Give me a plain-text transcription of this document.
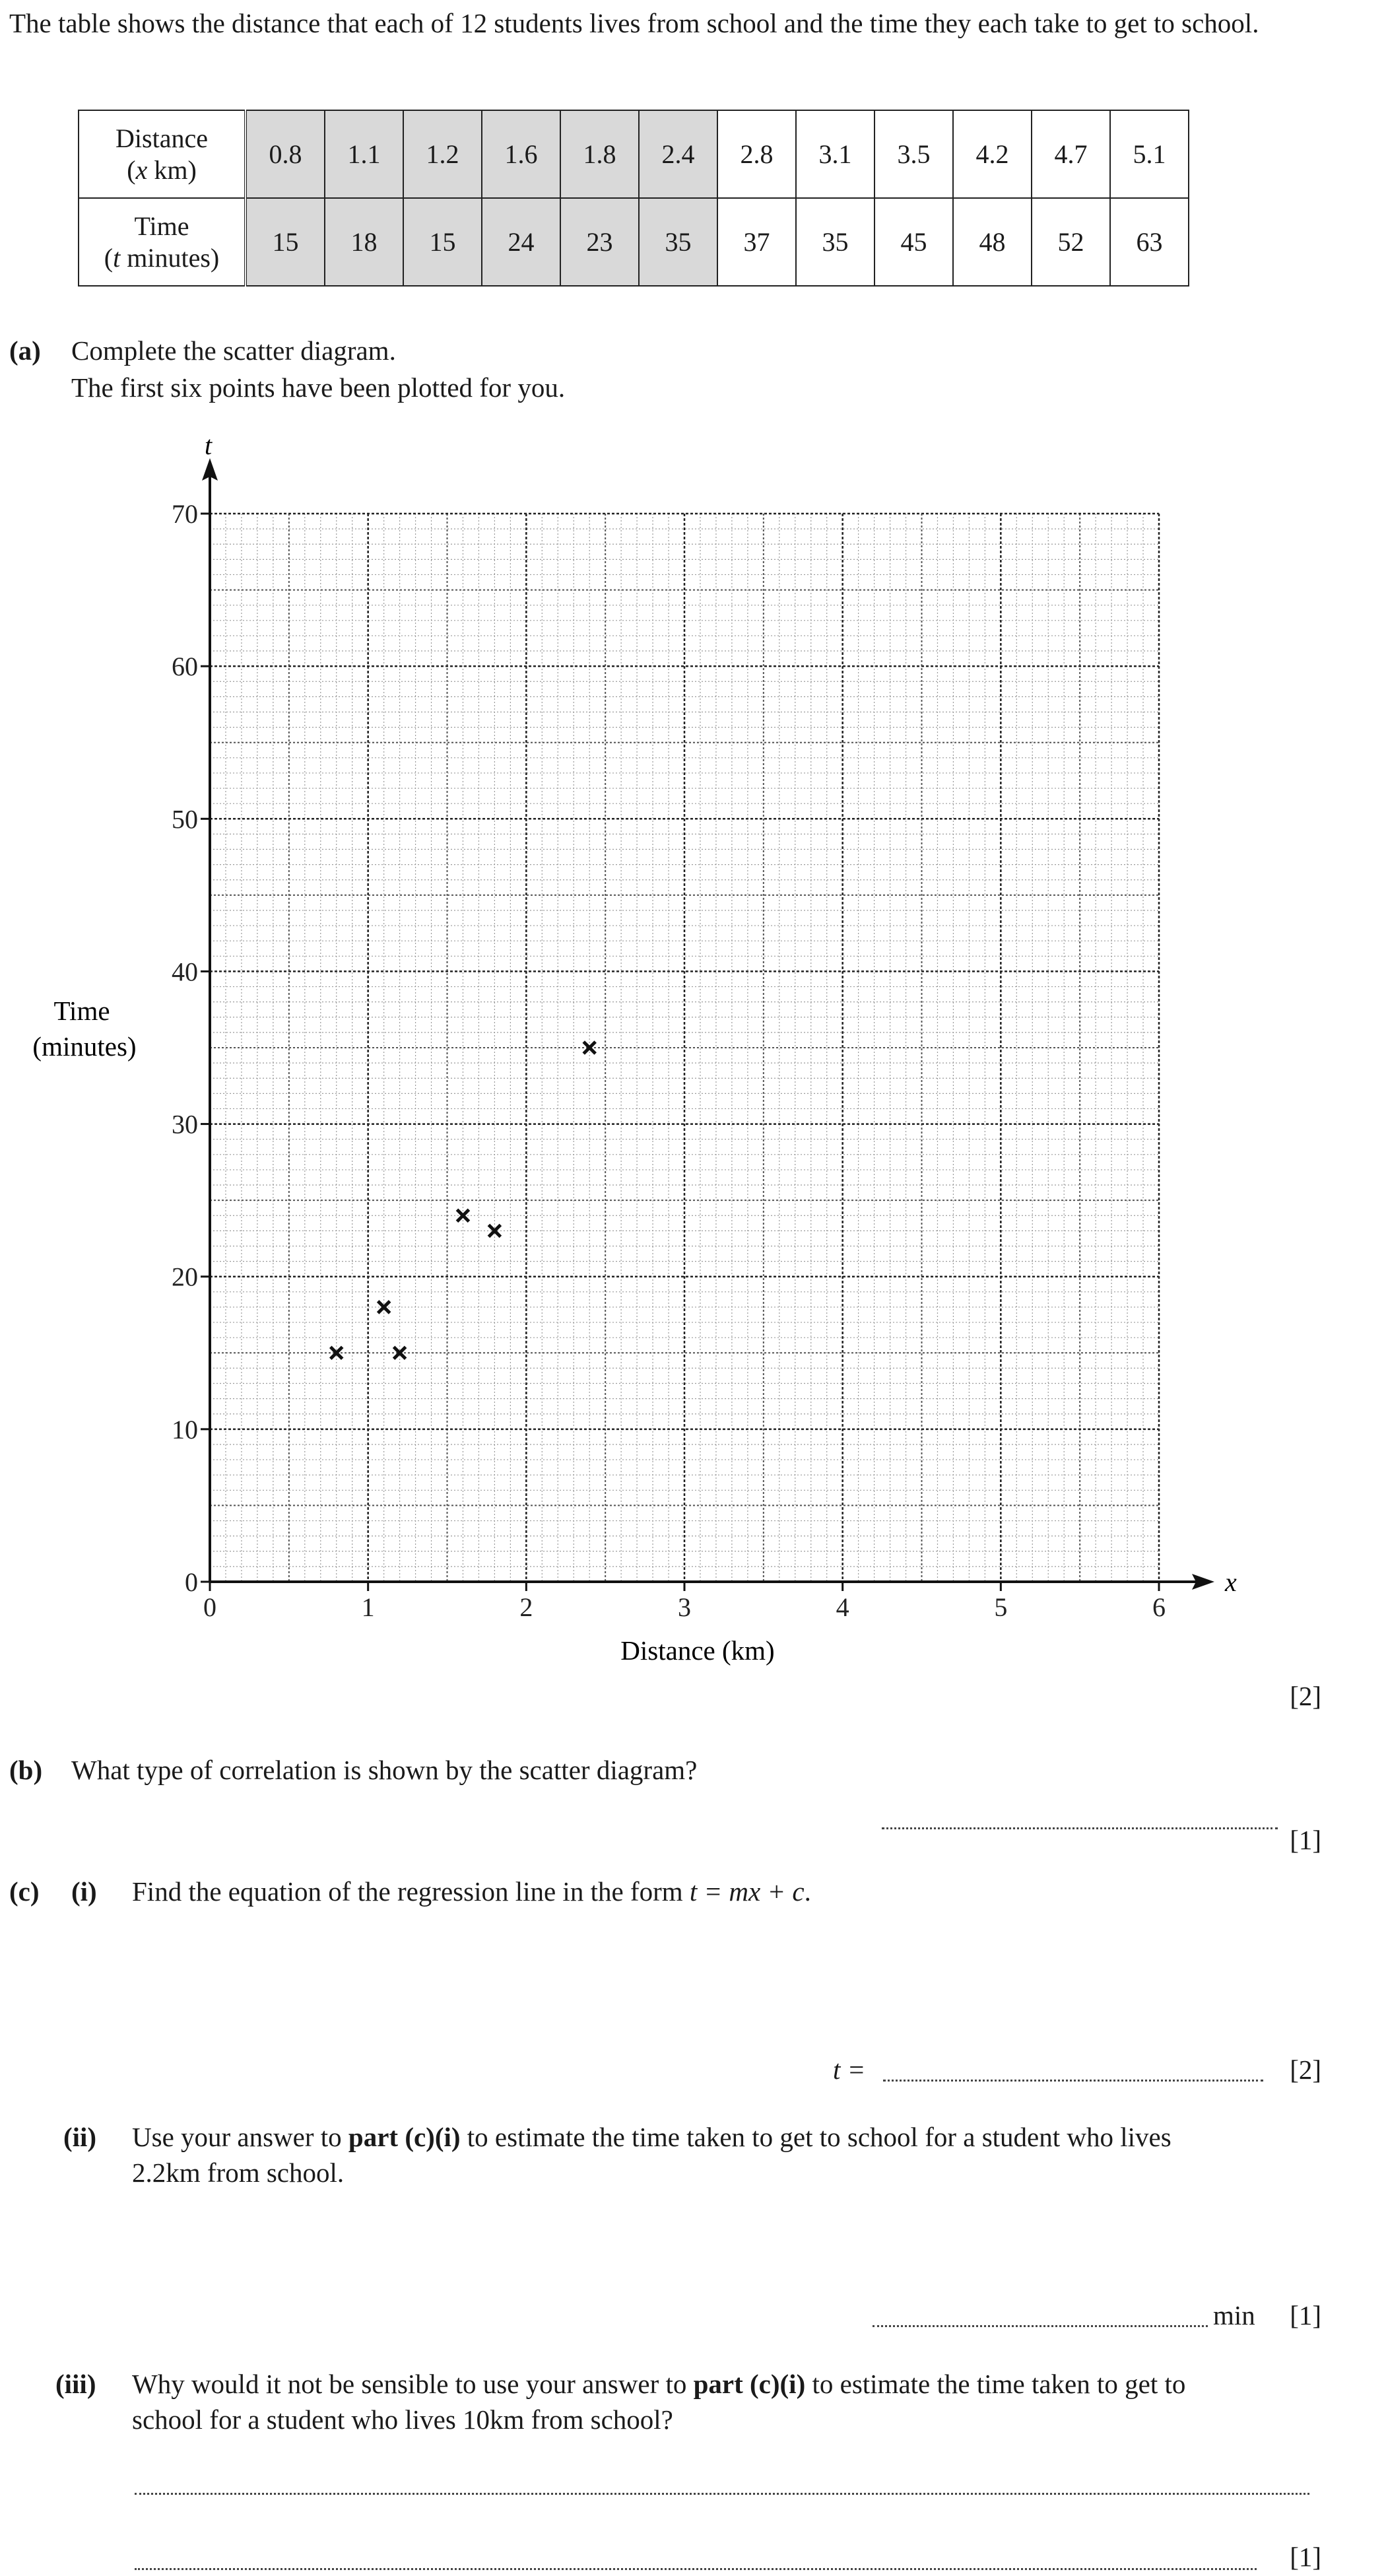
The table shows the distance that each of 12 students lives from school and the time they each take to get to school.
Distance
(x km)	0.8	1.1	1.2	1.6	1.8	2.4	2.8	3.1	3.5	4.2	4.7	5.1
Time
(t minutes)	15	18	15	24	23	35	37	35	45	48	52	63
(a) Complete the scatter diagram.
The first six points have been plotted for you.
0	1	2	3	4	5	6
0
10
20
30
40
50
60
70
x
t
Distance (km)
Time
(minutes)
[2]
(b) What type of correlation is shown by the scatter diagram?
[1]
(c) (i) Find the equation of the regression line in the form t = mx + c.
t =	[2]
(ii) Use your answer to part (c)(i) to estimate the time taken to get to school for a student who lives
2.2km from school.
min [1]
(iii) Why would it not be sensible to use your answer to part (c)(i) to estimate the time taken to get to
school for a student who lives 10km from school?
[1]
